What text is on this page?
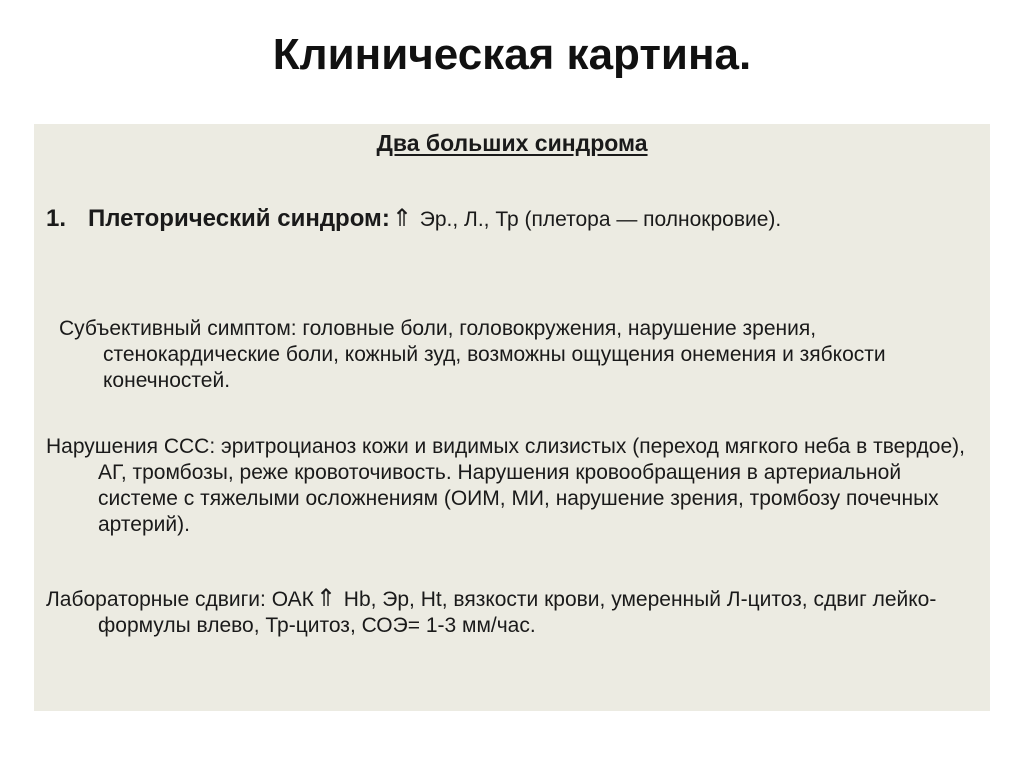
Клиническая картина.
Два больших синдрома
1. Плеторический синдром:⇑ Эр., Л., Тр (плетора — полнокровие).
Субъективный симптом: головные боли, головокружения, нарушение зрения, стенокардические боли, кожный зуд, возможны ощущения онемения и зябкости конечностей.
Нарушения ССС: эритроцианоз кожи и видимых слизистых (переход мягкого неба в твердое), АГ, тромбозы, реже кровоточивость. Нарушения кровообращения в артериальной системе с тяжелыми осложнениям (ОИМ, МИ, нарушение зрения, тромбозу почечных артерий).
Лабораторные сдвиги: ОАК⇑ Hb, Эр, Ht, вязкости крови, умеренный Л-цитоз, сдвиг лейко-формулы влево, Тр-цитоз, СОЭ= 1-3 мм/час.
